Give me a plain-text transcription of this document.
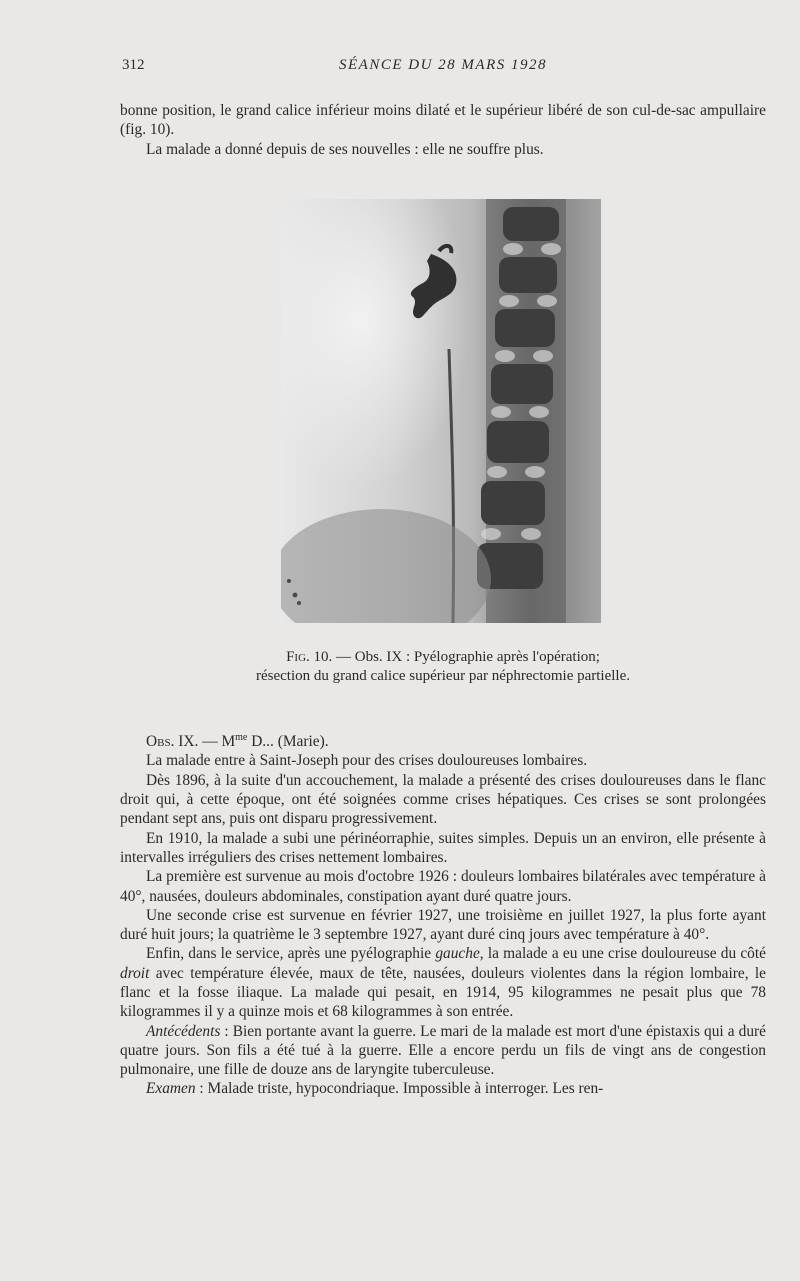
312	SÉANCE DU 28 MARS 1928

bonne position, le grand calice inférieur moins dilaté et le supérieur libéré de son cul-de-sac ampullaire (fig. 10).

La malade a donné depuis de ses nouvelles : elle ne souffre plus.

Fig. 10. — Obs. IX : Pyélographie après l'opération;

résection du grand calice supérieur par néphrectomie partielle.

Obs. IX. — $M^{me}$ D... (Marie).

La malade entre à Saint-Joseph pour des crises douloureuses lombaires.

Dès 1896, à la suite d'un accouchement, la malade a présenté des crises douloureuses dans le flanc droit qui, à cette époque, ont été soignées comme crises hépatiques. Ces crises se sont prolongées pendant sept ans, puis ont disparu progressivement.

En 1910, la malade a subi une périnéorraphie, suites simples. Depuis un an environ, elle présente à intervalles irréguliers des crises nettement lombaires.

La première est survenue au mois d'octobre 1926 : douleurs lombaires bilatérales avec température à 40°, nausées, douleurs abdominales, constipation ayant duré quatre jours.

Une seconde crise est survenue en février 1927, une troisième en juillet 1927, la plus forte ayant duré huit jours; la quatrième le 3 septembre 1927, ayant duré cinq jours avec température à 40°.

Enfin, dans le service, après une pyélographie gauche, la malade a eu une crise douloureuse du côté droit avec température élevée, maux de tête, nausées, douleurs violentes dans la région lombaire, le flanc et la fosse iliaque. La malade qui pesait, en 1914, 95 kilogrammes ne pesait plus que 78 kilogrammes il y a quinze mois et 68 kilogrammes à son entrée.

Antécédents : Bien portante avant la guerre. Le mari de la malade est mort d'une épistaxis qui a duré quatre jours. Son fils a été tué à la guerre. Elle a encore perdu un fils de vingt ans de congestion pulmonaire, une fille de douze ans de laryngite tuberculeuse.

Examen : Malade triste, hypocondriaque. Impossible à interroger. Les ren-
